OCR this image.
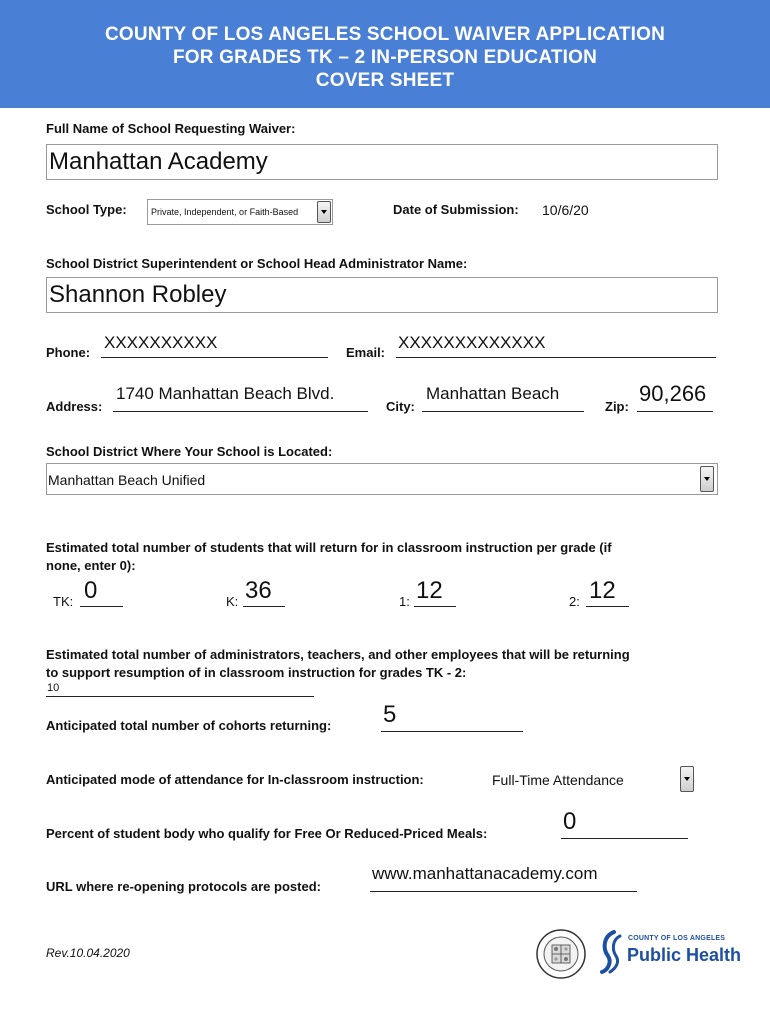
COUNTY OF LOS ANGELES SCHOOL WAIVER APPLICATION
FOR GRADES TK – 2 IN-PERSON EDUCATION
COVER SHEET
Full Name of School Requesting Waiver:
Manhattan Academy
School Type:	Private, Independent, or Faith-Based	Date of Submission: 10/6/20
School District Superintendent or School Head Administrator Name:
Shannon Robley
Phone:
XXXXXXXXXX
Email:
XXXXXXXXXXXXX
Address:
1740 Manhattan Beach Blvd.
City:
Manhattan Beach
Zip:
90,266
School District Where Your School is Located:
Manhattan Beach Unified
Estimated total number of students that will return for in classroom instruction per grade (if
none, enter 0):
TK: 0	K: 36	1: 12	2: 12
Estimated total number of administrators, teachers, and other employees that will be returning
to support resumption of in classroom instruction for grades TK - 2:
10
Anticipated total number of cohorts returning: 5
Anticipated mode of attendance for In-classroom instruction:	Full-Time Attendance
Percent of student body who qualify for Free Or Reduced-Priced Meals:	0
URL where re-opening protocols are posted:
www.manhattanacademy.com
Rev.10.04.2020
COUNTY OF LOS ANGELES
Public Health
